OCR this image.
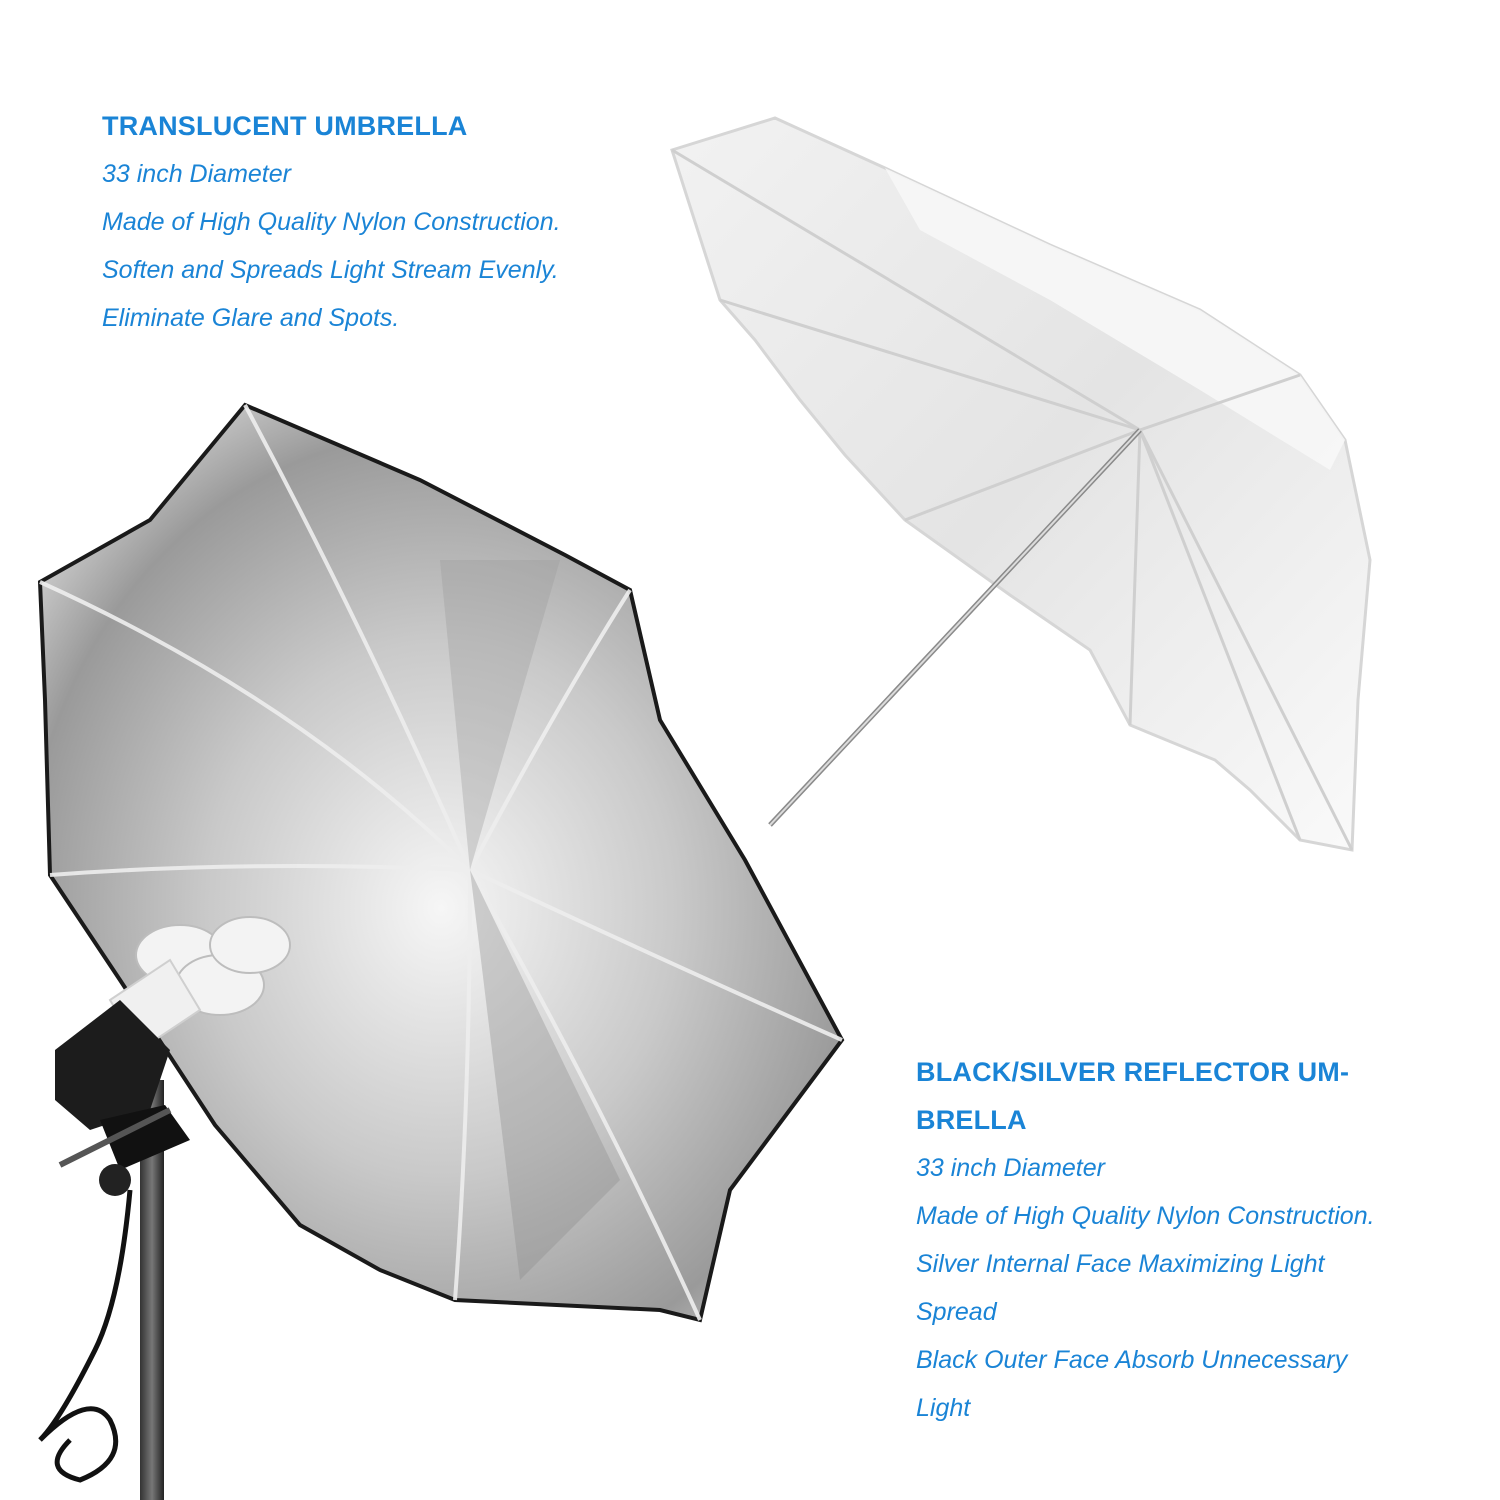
TRANSLUCENT UMBRELLA

33 inch Diameter

Made of High Quality Nylon Construction.

Soften and Spreads Light Stream Evenly.

Eliminate Glare and Spots.

BLACK/SILVER REFLECTOR UM-

BRELLA

33 inch Diameter

Made of High Quality Nylon Construction.

Silver Internal Face Maximizing Light

Spread

Black Outer Face Absorb Unnecessary

Light
